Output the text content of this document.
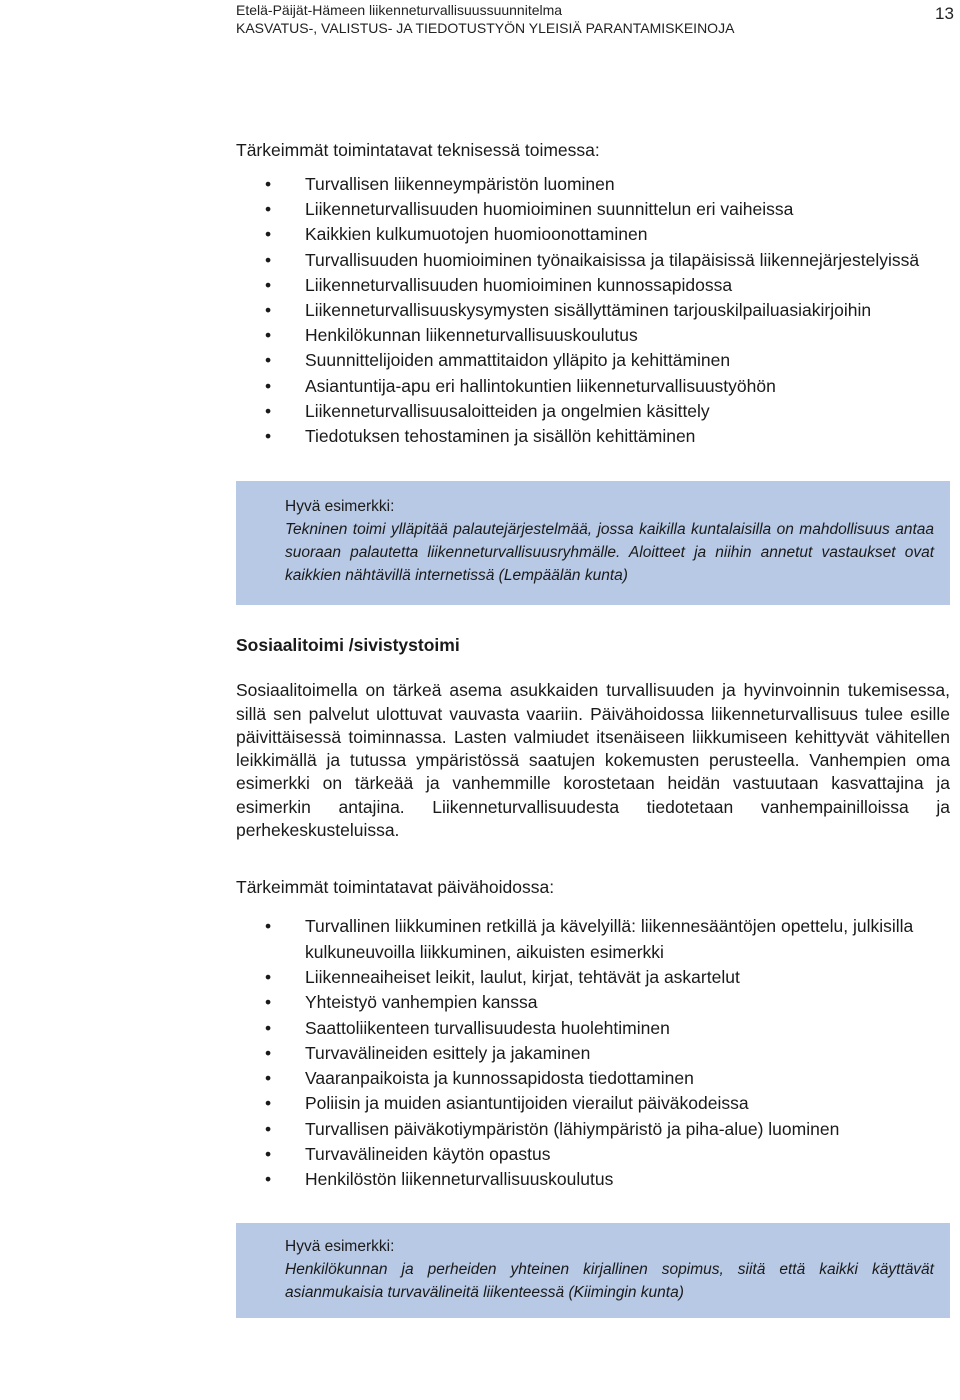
Etelä-Päijät-Hämeen liikenneturvallisuussuunnitelma
KASVATUS-, VALISTUS- JA TIEDOTUSTYÖN YLEISIÄ PARANTAMISKEINOJA
13

Tärkeimmät toimintatavat teknisessä toimessa:

• Turvallisen liikenneympäristön luominen
• Liikenneturvallisuuden huomioiminen suunnittelun eri vaiheissa
• Kaikkien kulkumuotojen huomioonottaminen
• Turvallisuuden huomioiminen työnaikaisissa ja tilapäisissä liikennejärjestelyissä
• Liikenneturvallisuuden huomioiminen kunnossapidossa
• Liikenneturvallisuuskysymysten sisällyttäminen tarjouskilpailuasiakirjoihin
• Henkilökunnan liikenneturvallisuuskoulutus
• Suunnittelijoiden ammattitaidon ylläpito ja kehittäminen
• Asiantuntija-apu eri hallintokuntien liikenneturvallisuustyöhön
• Liikenneturvallisuusaloitteiden ja ongelmien käsittely
• Tiedotuksen tehostaminen ja sisällön kehittäminen
Hyvä esimerkki:
Tekninen toimi ylläpitää palautejärjestelmää, jossa kaikilla kuntalaisilla on mahdollisuus antaa suoraan palautetta liikenneturvallisuusryhmälle. Aloitteet ja niihin annetut vastaukset ovat kaikkien nähtävillä internetissä (Lempäälän kunta)
Sosiaalitoimi /sivistystoimi

Sosiaalitoimella on tärkeä asema asukkaiden turvallisuuden ja hyvinvoinnin tukemisessa, sillä sen palvelut ulottuvat vauvasta vaariin. Päivähoidossa liikenneturvallisuus tulee esille päivittäisessä toiminnassa. Lasten valmiudet itsenäiseen liikkumiseen kehittyvät vähitellen leikkimällä ja tutussa ympäristössä saatujen kokemusten perusteella. Vanhempien oma esimerkki on tärkeää ja vanhemmille korostetaan heidän vastuutaan kasvattajina ja esimerkin antajina. Liikenneturvallisuudesta tiedotetaan vanhempainilloissa ja perhekeskusteluissa.

Tärkeimmät toimintatavat päivähoidossa:

• Turvallinen liikkuminen retkillä ja kävelyillä: liikennesääntöjen opettelu, julkisilla kulkuneuvoilla liikkuminen, aikuisten esimerkki
• Liikenneaiheiset leikit, laulut, kirjat, tehtävät ja askartelut
• Yhteistyö vanhempien kanssa
• Saattoliikenteen turvallisuudesta huolehtiminen
• Turvavälineiden esittely ja jakaminen
• Vaaranpaikoista ja kunnossapidosta tiedottaminen
• Poliisin ja muiden asiantuntijoiden vierailut päiväkodeissa
• Turvallisen päiväkotiympäristön (lähiympäristö ja piha-alue) luominen
• Turvavälineiden käytön opastus
• Henkilöstön liikenneturvallisuuskoulutus
Hyvä esimerkki:
Henkilökunnan ja perheiden yhteinen kirjallinen sopimus, siitä että kaikki käyttävät asianmukaisia turvavälineitä liikenteessä (Kiimingin kunta)
